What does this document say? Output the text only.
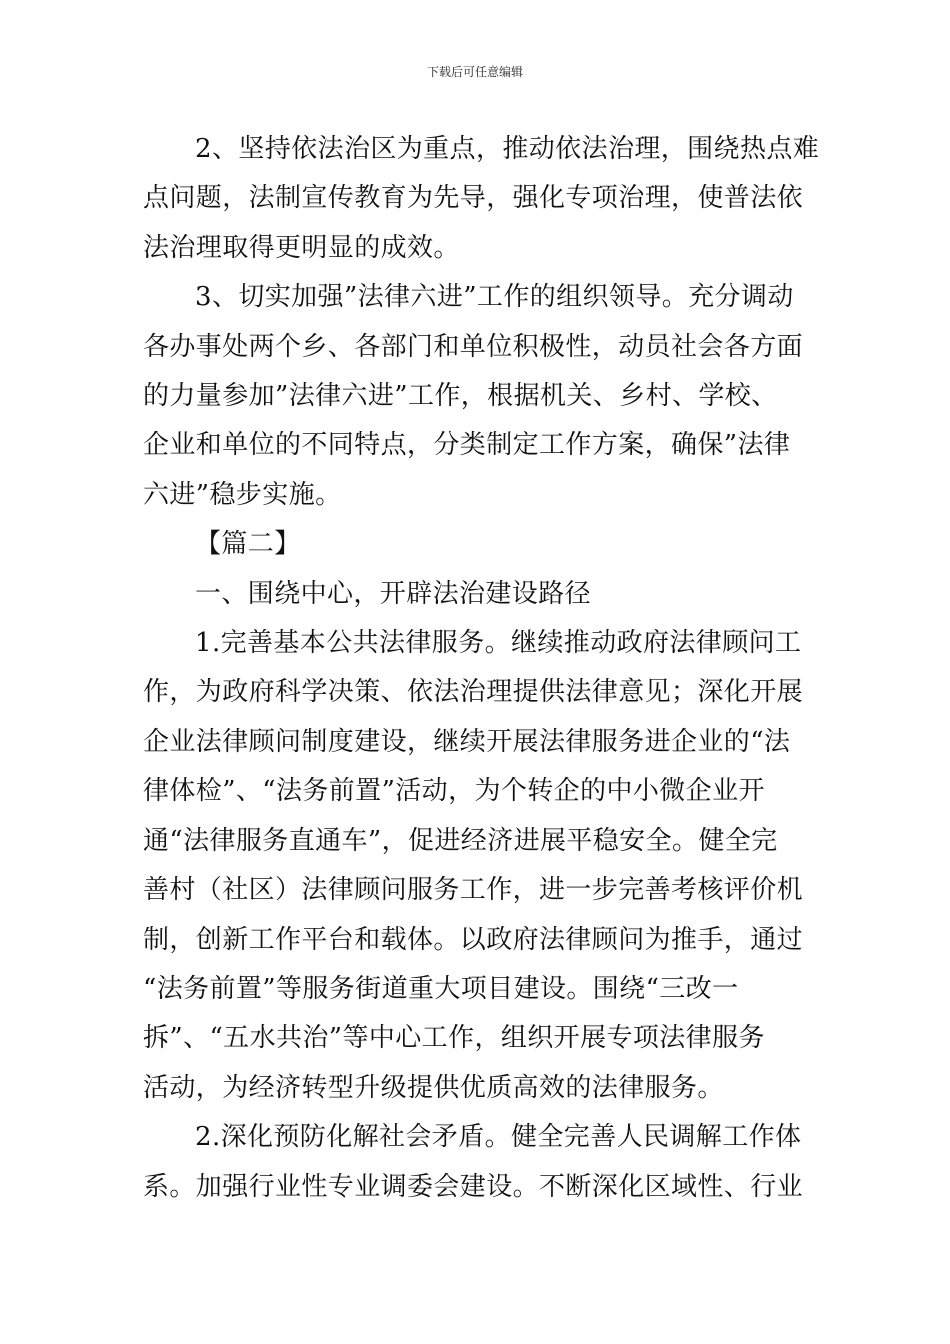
下载后可任意编辑

2、坚持依法治区为重点，推动依法治理，围绕热点难
点问题，法制宣传教育为先导，强化专项治理，使普法依
法治理取得更明显的成效。

3、切实加强”法律六进”工作的组织领导。充分调动
各办事处两个乡、各部门和单位积极性，动员社会各方面
的力量参加”法律六进”工作，根据机关、乡村、学校、
企业和单位的不同特点，分类制定工作方案，确保”法律
六进”稳步实施。

【篇二】

一、围绕中心，开辟法治建设路径

1.完善基本公共法律服务。继续推动政府法律顾问工
作，为政府科学决策、依法治理提供法律意见；深化开展
企业法律顾问制度建设，继续开展法律服务进企业的“法
律体检”、“法务前置”活动，为个转企的中小微企业开
通“法律服务直通车”，促进经济进展平稳安全。健全完
善村（社区）法律顾问服务工作，进一步完善考核评价机
制，创新工作平台和载体。以政府法律顾问为推手，通过
“法务前置”等服务街道重大项目建设。围绕“三改一
拆”、“五水共治”等中心工作，组织开展专项法律服务
活动，为经济转型升级提供优质高效的法律服务。

2.深化预防化解社会矛盾。健全完善人民调解工作体
系。加强行业性专业调委会建设。不断深化区域性、行业
